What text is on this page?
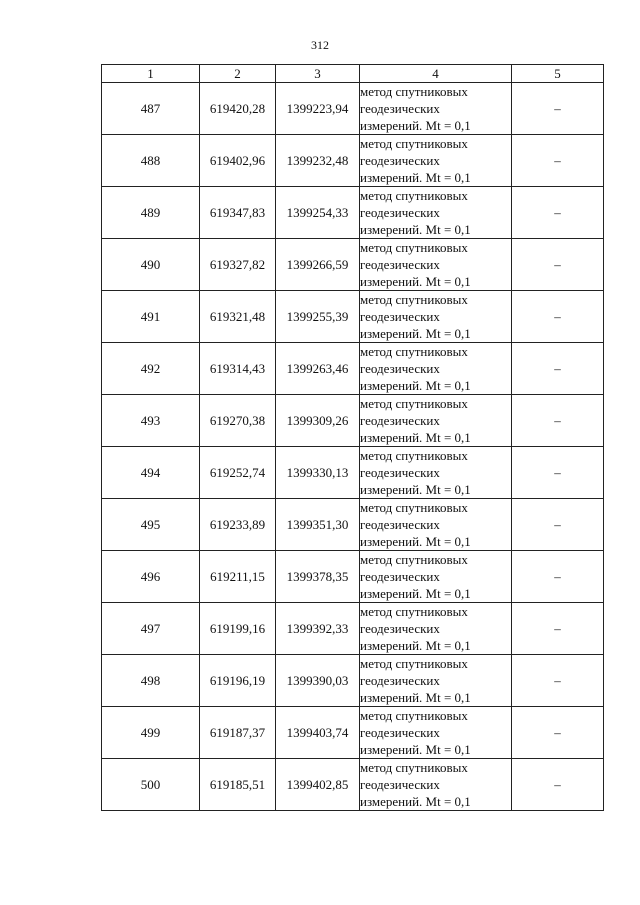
312
1	2	3	4	5
487	619420,28	1399223,94	метод спутниковых
геодезических
измерений. Mt = 0,1	–
488	619402,96	1399232,48	метод спутниковых
геодезических
измерений. Mt = 0,1	–
489	619347,83	1399254,33	метод спутниковых
геодезических
измерений. Mt = 0,1	–
490	619327,82	1399266,59	метод спутниковых
геодезических
измерений. Mt = 0,1	–
491	619321,48	1399255,39	метод спутниковых
геодезических
измерений. Mt = 0,1	–
492	619314,43	1399263,46	метод спутниковых
геодезических
измерений. Mt = 0,1	–
493	619270,38	1399309,26	метод спутниковых
геодезических
измерений. Mt = 0,1	–
494	619252,74	1399330,13	метод спутниковых
геодезических
измерений. Mt = 0,1	–
495	619233,89	1399351,30	метод спутниковых
геодезических
измерений. Mt = 0,1	–
496	619211,15	1399378,35	метод спутниковых
геодезических
измерений. Mt = 0,1	–
497	619199,16	1399392,33	метод спутниковых
геодезических
измерений. Mt = 0,1	–
498	619196,19	1399390,03	метод спутниковых
геодезических
измерений. Mt = 0,1	–
499	619187,37	1399403,74	метод спутниковых
геодезических
измерений. Mt = 0,1	–
500	619185,51	1399402,85	метод спутниковых
геодезических
измерений. Mt = 0,1	–
